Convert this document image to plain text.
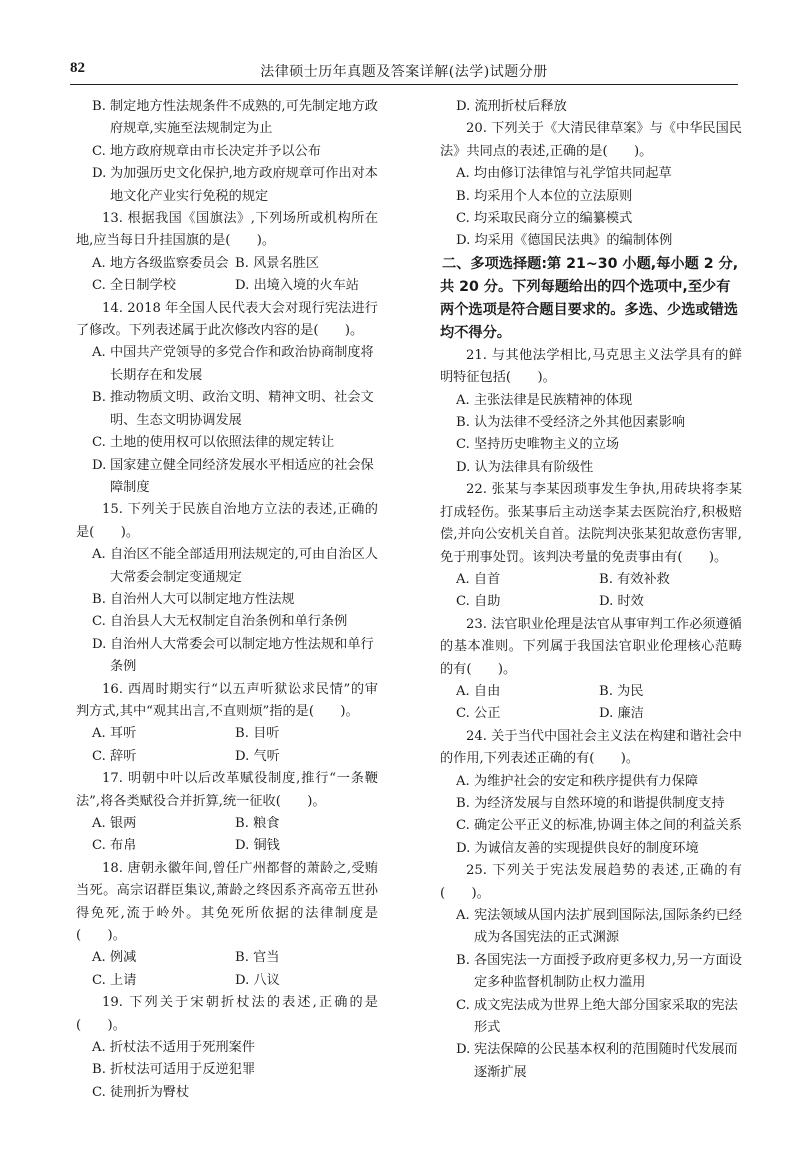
82	法律硕士历年真题及答案详解(法学)试题分册
B. 制定地方性法规条件不成熟的,可先制定地方政府规章,实施至法规制定为止
C. 地方政府规章由市长决定并予以公布
D. 为加强历史文化保护,地方政府规章可作出对本地文化产业实行免税的规定

13. 根据我国《国旗法》,下列场所或机构所在地,应当每日升挂国旗的是(　　)。

A. 地方各级监察委员会 B. 风景名胜区
C. 全日制学校	D. 出境入境的火车站

14. 2018 年全国人民代表大会对现行宪法进行了修改。下列表述属于此次修改内容的是(　　)。

A. 中国共产党领导的多党合作和政治协商制度将长期存在和发展
B. 推动物质文明、政治文明、精神文明、社会文明、生态文明协调发展
C. 土地的使用权可以依照法律的规定转让
D. 国家建立健全同经济发展水平相适应的社会保障制度

15. 下列关于民族自治地方立法的表述,正确的是(　　)。

A. 自治区不能全部适用刑法规定的,可由自治区人大常委会制定变通规定
B. 自治州人大可以制定地方性法规
C. 自治县人大无权制定自治条例和单行条例
D. 自治州人大常委会可以制定地方性法规和单行条例

16. 西周时期实行“以五声听狱讼求民情”的审判方式,其中“观其出言,不直则烦”指的是(　　)。

A. 耳听	B. 目听
C. 辞听	D. 气听

17. 明朝中叶以后改革赋役制度,推行“一条鞭法”,将各类赋役合并折算,统一征收(　　)。

A. 银两	B. 粮食
C. 布帛	D. 铜钱

18. 唐朝永徽年间,曾任广州都督的萧龄之,受贿当死。高宗诏群臣集议,萧龄之终因系齐高帝五世孙得免死,流于岭外。其免死所依据的法律制度是(　　)。

A. 例减	B. 官当
C. 上请	D. 八议

19. 下列关于宋朝折杖法的表述,正确的是(　　)。

A. 折杖法不适用于死刑案件

B. 折杖法可适用于反逆犯罪

C. 徒刑折为臀杖

D. 流刑折杖后释放

20. 下列关于《大清民律草案》与《中华民国民法》共同点的表述,正确的是(　　)。

A. 均由修订法律馆与礼学馆共同起草

B. 均采用个人本位的立法原则

C. 均采取民商分立的编纂模式

D. 均采用《德国民法典》的编制体例

二、多项选择题:第 21~30 小题,每小题 2 分,共 20 分。下列每题给出的四个选项中,至少有两个选项是符合题目要求的。多选、少选或错选均不得分。

21. 与其他法学相比,马克思主义法学具有的鲜明特征包括(　　)。

A. 主张法律是民族精神的体现

B. 认为法律不受经济之外其他因素影响

C. 坚持历史唯物主义的立场

D. 认为法律具有阶级性

22. 张某与李某因琐事发生争执,用砖块将李某打成轻伤。张某事后主动送李某去医院治疗,积极赔偿,并向公安机关自首。法院判决张某犯故意伤害罪,免于刑事处罚。该判决考量的免责事由有(　　)。

A. 自首	B. 有效补救
C. 自助	D. 时效

23. 法官职业伦理是法官从事审判工作必须遵循的基本准则。下列属于我国法官职业伦理核心范畴的有(　　)。

A. 自由	B. 为民
C. 公正	D. 廉洁

24. 关于当代中国社会主义法在构建和谐社会中的作用,下列表述正确的有(　　)。

A. 为维护社会的安定和秩序提供有力保障

B. 为经济发展与自然环境的和谐提供制度支持

C. 确定公平正义的标准,协调主体之间的利益关系

D. 为诚信友善的实现提供良好的制度环境

25. 下列关于宪法发展趋势的表述,正确的有(　　)。

A. 宪法领域从国内法扩展到国际法,国际条约已经成为各国宪法的正式渊源
B. 各国宪法一方面授予政府更多权力,另一方面设定多种监督机制防止权力滥用
C. 成文宪法成为世界上绝大部分国家采取的宪法形式
D. 宪法保障的公民基本权利的范围随时代发展而逐渐扩展
